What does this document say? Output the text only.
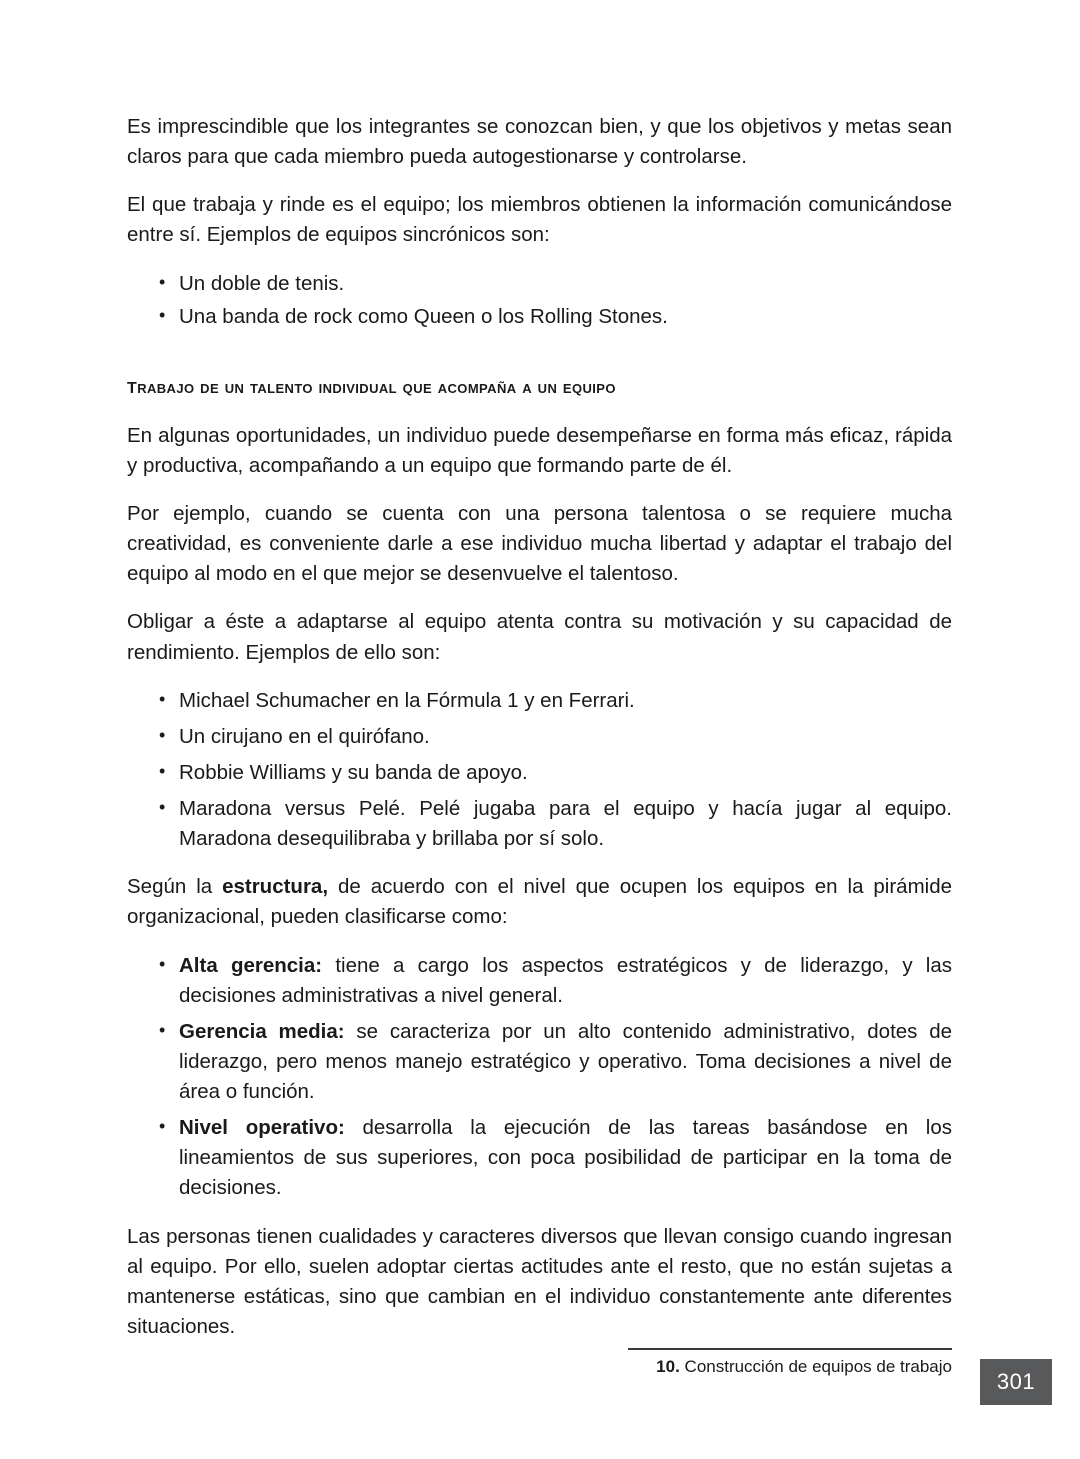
Es imprescindible que los integrantes se conozcan bien, y que los objetivos y metas sean claros para que cada miembro pueda autogestionarse y controlarse.

El que trabaja y rinde es el equipo; los miembros obtienen la información comunicándose entre sí. Ejemplos de equipos sincrónicos son:

• Un doble de tenis.
• Una banda de rock como Queen o los Rolling Stones.
trabajo de un talento individual que acompaña a un equipo

En algunas oportunidades, un individuo puede desempeñarse en forma más eficaz, rápida y productiva, acompañando a un equipo que formando parte de él.

Por ejemplo, cuando se cuenta con una persona talentosa o se requiere mucha creatividad, es conveniente darle a ese individuo mucha libertad y adaptar el trabajo del equipo al modo en el que mejor se desenvuelve el talentoso.

Obligar a éste a adaptarse al equipo atenta contra su motivación y su capacidad de rendimiento. Ejemplos de ello son:

• Michael Schumacher en la Fórmula 1 y en Ferrari.
• Un cirujano en el quirófano.
• Robbie Williams y su banda de apoyo.
• Maradona versus Pelé. Pelé jugaba para el equipo y hacía jugar al equipo. Maradona desequilibraba y brillaba por sí solo.

Según la estructura, de acuerdo con el nivel que ocupen los equipos en la pirámide organizacional, pueden clasificarse como:

• Alta gerencia: tiene a cargo los aspectos estratégicos y de liderazgo, y las decisiones administrativas a nivel general.
• Gerencia media: se caracteriza por un alto contenido administrativo, dotes de liderazgo, pero menos manejo estratégico y operativo. Toma decisiones a nivel de área o función.
• Nivel operativo: desarrolla la ejecución de las tareas basándose en los lineamientos de sus superiores, con poca posibilidad de participar en la toma de decisiones.

Las personas tienen cualidades y caracteres diversos que llevan consigo cuando ingresan al equipo. Por ello, suelen adoptar ciertas actitudes ante el resto, que no están sujetas a mantenerse estáticas, sino que cambian en el individuo constantemente ante diferentes situaciones.

10. Construcción de equipos de trabajo
301
